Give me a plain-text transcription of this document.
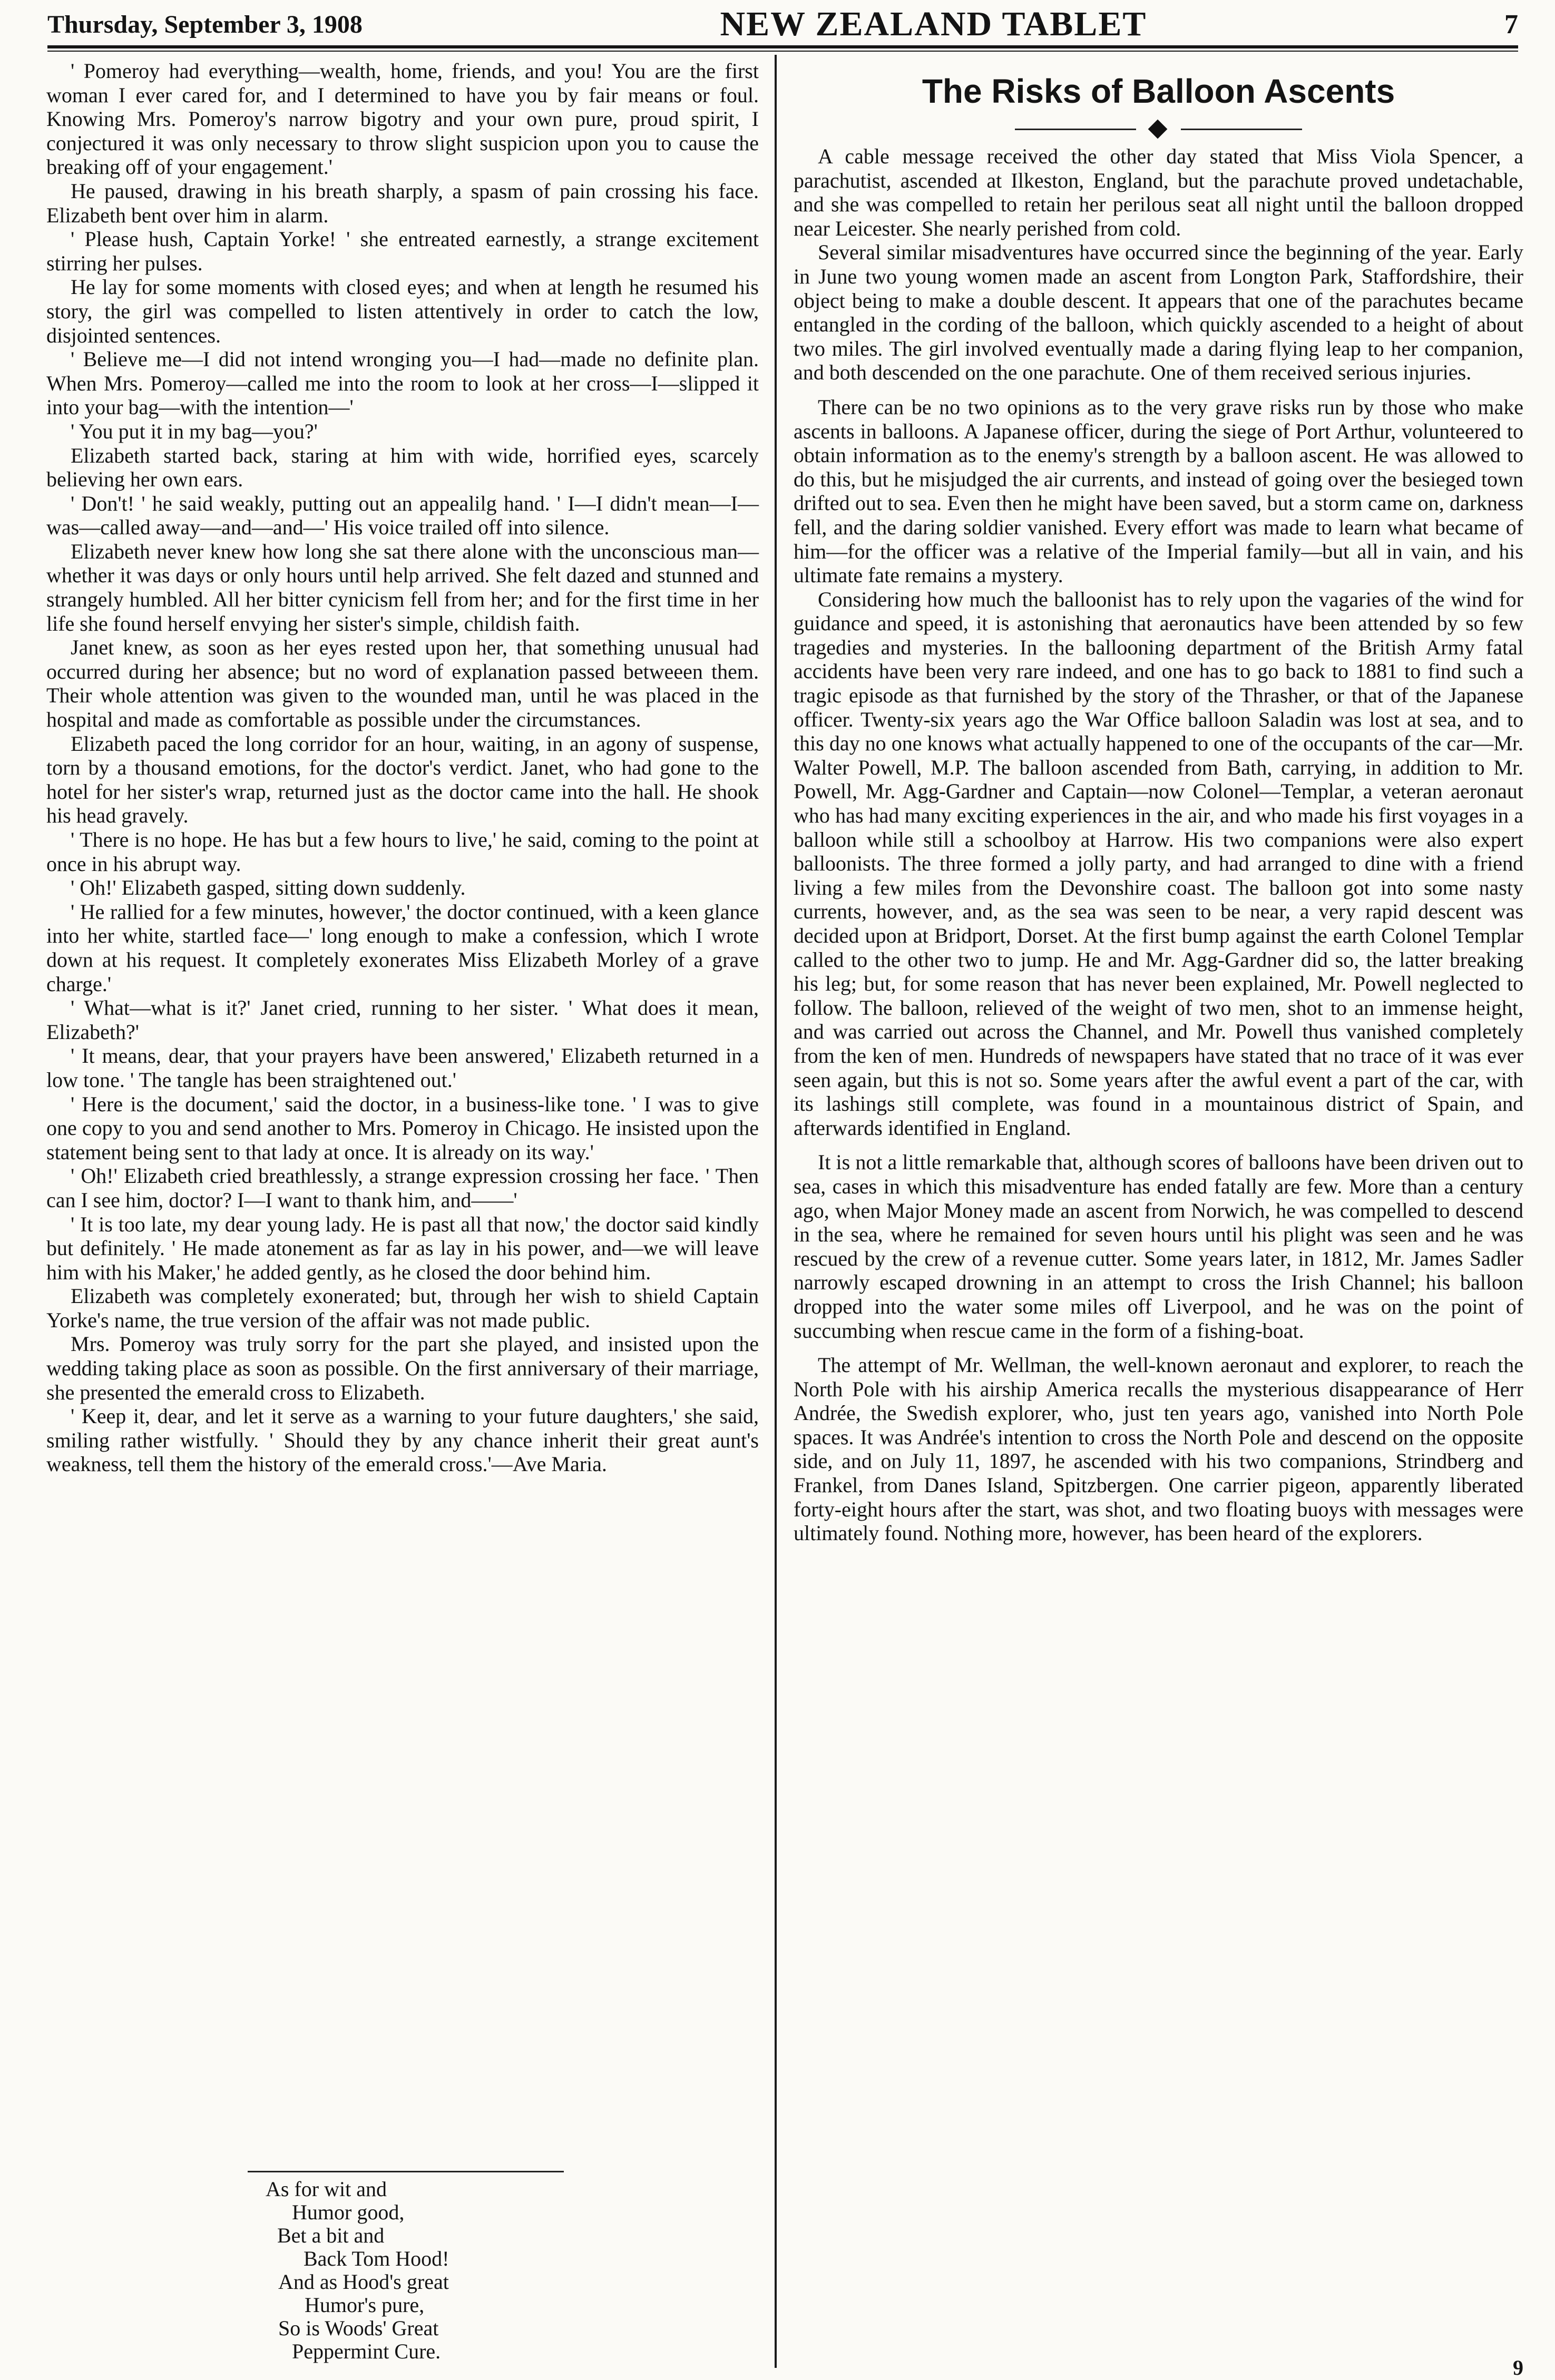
Thursday, September 3, 1908	NEW ZEALAND TABLET	7

' Pomeroy had everything—wealth, home, friends, and you! You are the first woman I ever cared for, and I determined to have you by fair means or foul. Knowing Mrs. Pomeroy's narrow bigotry and your own pure, proud spirit, I conjectured it was only necessary to throw slight suspicion upon you to cause the breaking off of your engagement.'

He paused, drawing in his breath sharply, a spasm of pain crossing his face. Elizabeth bent over him in alarm.

' Please hush, Captain Yorke! ' she entreated earnestly, a strange excitement stirring her pulses.

He lay for some moments with closed eyes; and when at length he resumed his story, the girl was compelled to listen attentively in order to catch the low, disjointed sentences.

' Believe me—I did not intend wronging you—I had—made no definite plan. When Mrs. Pomeroy—called me into the room to look at her cross—I—slipped it into your bag—with the intention—'

' You put it in my bag—you?'

Elizabeth started back, staring at him with wide, horrified eyes, scarcely believing her own ears.

' Don't! ' he said weakly, putting out an appealilg hand. ' I—I didn't mean—I—was—called away—and—and—' His voice trailed off into silence.

Elizabeth never knew how long she sat there alone with the unconscious man—whether it was days or only hours until help arrived. She felt dazed and stunned and strangely humbled. All her bitter cynicism fell from her; and for the first time in her life she found herself envying her sister's simple, childish faith.

Janet knew, as soon as her eyes rested upon her, that something unusual had occurred during her absence; but no word of explanation passed betweeen them. Their whole attention was given to the wounded man, until he was placed in the hospital and made as comfortable as possible under the circumstances.

Elizabeth paced the long corridor for an hour, waiting, in an agony of suspense, torn by a thousand emotions, for the doctor's verdict. Janet, who had gone to the hotel for her sister's wrap, returned just as the doctor came into the hall. He shook his head gravely.

' There is no hope. He has but a few hours to live,' he said, coming to the point at once in his abrupt way.

' Oh!' Elizabeth gasped, sitting down suddenly.

' He rallied for a few minutes, however,' the doctor continued, with a keen glance into her white, startled face—' long enough to make a confession, which I wrote down at his request. It completely exonerates Miss Elizabeth Morley of a grave charge.'

' What—what is it?' Janet cried, running to her sister. ' What does it mean, Elizabeth?'

' It means, dear, that your prayers have been answered,' Elizabeth returned in a low tone. ' The tangle has been straightened out.'

' Here is the document,' said the doctor, in a business-like tone. ' I was to give one copy to you and send another to Mrs. Pomeroy in Chicago. He insisted upon the statement being sent to that lady at once. It is already on its way.'

' Oh!' Elizabeth cried breathlessly, a strange expression crossing her face. ' Then can I see him, doctor? I—I want to thank him, and——'

' It is too late, my dear young lady. He is past all that now,' the doctor said kindly but definitely. ' He made atonement as far as lay in his power, and—we will leave him with his Maker,' he added gently, as he closed the door behind him.

Elizabeth was completely exonerated; but, through her wish to shield Captain Yorke's name, the true version of the affair was not made public.

Mrs. Pomeroy was truly sorry for the part she played, and insisted upon the wedding taking place as soon as possible. On the first anniversary of their marriage, she presented the emerald cross to Elizabeth.

' Keep it, dear, and let it serve as a warning to your future daughters,' she said, smiling rather wistfully. ' Should they by any chance inherit their great aunt's weakness, tell them the history of the emerald cross.'—Ave Maria.

As for wit and
Humor good,
Bet a bit and
Back Tom Hood!
And as Hood's great
Humor's pure,
So is Woods' Great
Peppermint Cure.
The Risks of Balloon Ascents

A cable message received the other day stated that Miss Viola Spencer, a parachutist, ascended at Ilkeston, England, but the parachute proved undetachable, and she was compelled to retain her perilous seat all night until the balloon dropped near Leicester. She nearly perished from cold.

Several similar misadventures have occurred since the beginning of the year. Early in June two young women made an ascent from Longton Park, Staffordshire, their object being to make a double descent. It appears that one of the parachutes became entangled in the cording of the balloon, which quickly ascended to a height of about two miles. The girl involved eventually made a daring flying leap to her companion, and both descended on the one parachute. One of them received serious injuries.

There can be no two opinions as to the very grave risks run by those who make ascents in balloons. A Japanese officer, during the siege of Port Arthur, volunteered to obtain information as to the enemy's strength by a balloon ascent. He was allowed to do this, but he misjudged the air currents, and instead of going over the besieged town drifted out to sea. Even then he might have been saved, but a storm came on, darkness fell, and the daring soldier vanished. Every effort was made to learn what became of him—for the officer was a relative of the Imperial family—but all in vain, and his ultimate fate remains a mystery.

Considering how much the balloonist has to rely upon the vagaries of the wind for guidance and speed, it is astonishing that aeronautics have been attended by so few tragedies and mysteries. In the ballooning department of the British Army fatal accidents have been very rare indeed, and one has to go back to 1881 to find such a tragic episode as that furnished by the story of the Thrasher, or that of the Japanese officer. Twenty-six years ago the War Office balloon Saladin was lost at sea, and to this day no one knows what actually happened to one of the occupants of the car—Mr. Walter Powell, M.P. The balloon ascended from Bath, carrying, in addition to Mr. Powell, Mr. Agg-Gardner and Captain—now Colonel—Templar, a veteran aeronaut who has had many exciting experiences in the air, and who made his first voyages in a balloon while still a schoolboy at Harrow. His two companions were also expert balloonists. The three formed a jolly party, and had arranged to dine with a friend living a few miles from the Devonshire coast. The balloon got into some nasty currents, however, and, as the sea was seen to be near, a very rapid descent was decided upon at Bridport, Dorset. At the first bump against the earth Colonel Templar called to the other two to jump. He and Mr. Agg-Gardner did so, the latter breaking his leg; but, for some reason that has never been explained, Mr. Powell neglected to follow. The balloon, relieved of the weight of two men, shot to an immense height, and was carried out across the Channel, and Mr. Powell thus vanished completely from the ken of men. Hundreds of newspapers have stated that no trace of it was ever seen again, but this is not so. Some years after the awful event a part of the car, with its lashings still complete, was found in a mountainous district of Spain, and afterwards identified in England.

It is not a little remarkable that, although scores of balloons have been driven out to sea, cases in which this misadventure has ended fatally are few. More than a century ago, when Major Money made an ascent from Norwich, he was compelled to descend in the sea, where he remained for seven hours until his plight was seen and he was rescued by the crew of a revenue cutter. Some years later, in 1812, Mr. James Sadler narrowly escaped drowning in an attempt to cross the Irish Channel; his balloon dropped into the water some miles off Liverpool, and he was on the point of succumbing when rescue came in the form of a fishing-boat.

The attempt of Mr. Wellman, the well-known aeronaut and explorer, to reach the North Pole with his airship America recalls the mysterious disappearance of Herr Andrée, the Swedish explorer, who, just ten years ago, vanished into North Pole spaces. It was Andrée's intention to cross the North Pole and descend on the opposite side, and on July 11, 1897, he ascended with his two companions, Strindberg and Frankel, from Danes Island, Spitzbergen. One carrier pigeon, apparently liberated forty-eight hours after the start, was shot, and two floating buoys with messages were ultimately found. Nothing more, however, has been heard of the explorers.

9
